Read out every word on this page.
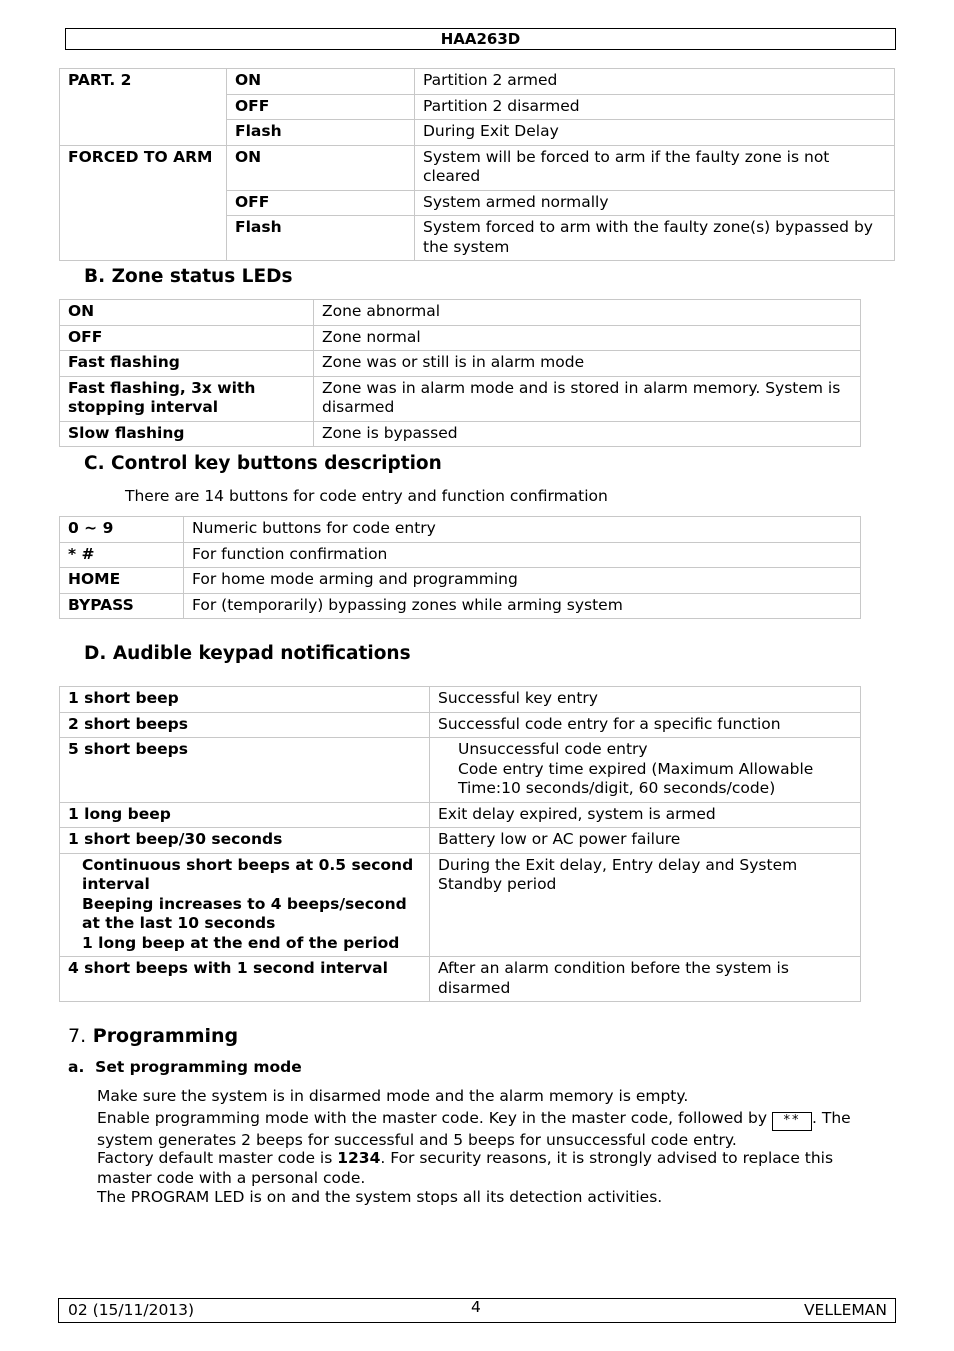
HAA263D
PART. 2	ON	Partition 2 armed
	OFF	Partition 2 disarmed
	Flash	During Exit Delay
FORCED TO ARM	ON	System will be forced to arm if the faulty zone is not cleared
	OFF	System armed normally
	Flash	System forced to arm with the faulty zone(s) bypassed by the system
B. Zone status LEDs
ON	Zone abnormal
OFF	Zone normal
Fast flashing	Zone was or still is in alarm mode
Fast flashing, 3x with stopping interval	Zone was in alarm mode and is stored in alarm memory. System is disarmed
Slow flashing	Zone is bypassed
C. Control key buttons description
There are 14 buttons for code entry and function confirmation
0 ~ 9	Numeric buttons for code entry
* #	For function confirmation
HOME	For home mode arming and programming
BYPASS	For (temporarily) bypassing zones while arming system
D. Audible keypad notifications
1 short beep	Successful key entry
2 short beeps	Successful code entry for a specific function
5 short beeps	Unsuccessful code entry
Code entry time expired (Maximum Allowable Time:10 seconds/digit, 60 seconds/code)

1 long beep	Exit delay expired, system is armed
1 short beep/30 seconds	Battery low or AC power failure

Continuous short beeps at 0.5 second interval
Beeping increases to 4 beeps/second at the last 10 seconds
1 long beep at the end of the period	During the Exit delay, Entry delay and System Standby period
4 short beeps with 1 second interval	After an alarm condition before the system is disarmed
7. Programming
a. Set programming mode
Make sure the system is in disarmed mode and the alarm memory is empty.
Enable programming mode with the master code. Key in the master code, followed by ** . The system generates 2 beeps for successful and 5 beeps for unsuccessful code entry.
Factory default master code is 1234. For security reasons, it is strongly advised to replace this master code with a personal code.
The PROGRAM LED is on and the system stops all its detection activities.
02 (15/11/2013)	VELLEMAN
4
